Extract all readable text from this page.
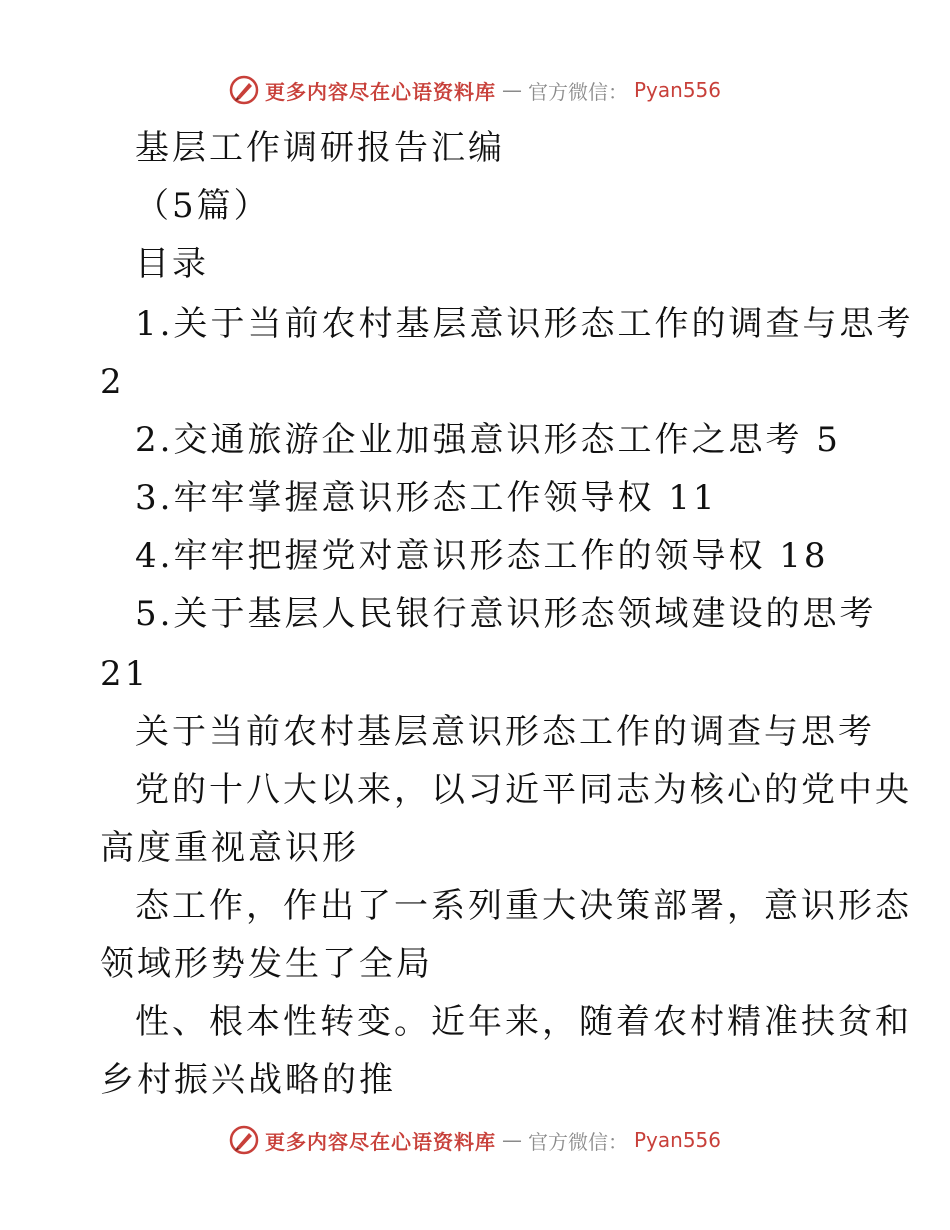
更多内容尽在心语资料库 — 官方微信： Pyan556
基层工作调研报告汇编
（5篇）
目录
1.关于当前农村基层意识形态工作的调查与思考
2
2.交通旅游企业加强意识形态工作之思考 5
3.牢牢掌握意识形态工作领导权 11
4.牢牢把握党对意识形态工作的领导权 18
5.关于基层人民银行意识形态领域建设的思考
21
关于当前农村基层意识形态工作的调查与思考
党的十八大以来，以习近平同志为核心的党中央
高度重视意识形
态工作，作出了一系列重大决策部署，意识形态
领域形势发生了全局
性、根本性转变。近年来，随着农村精准扶贫和
乡村振兴战略的推
更多内容尽在心语资料库 — 官方微信： Pyan556
